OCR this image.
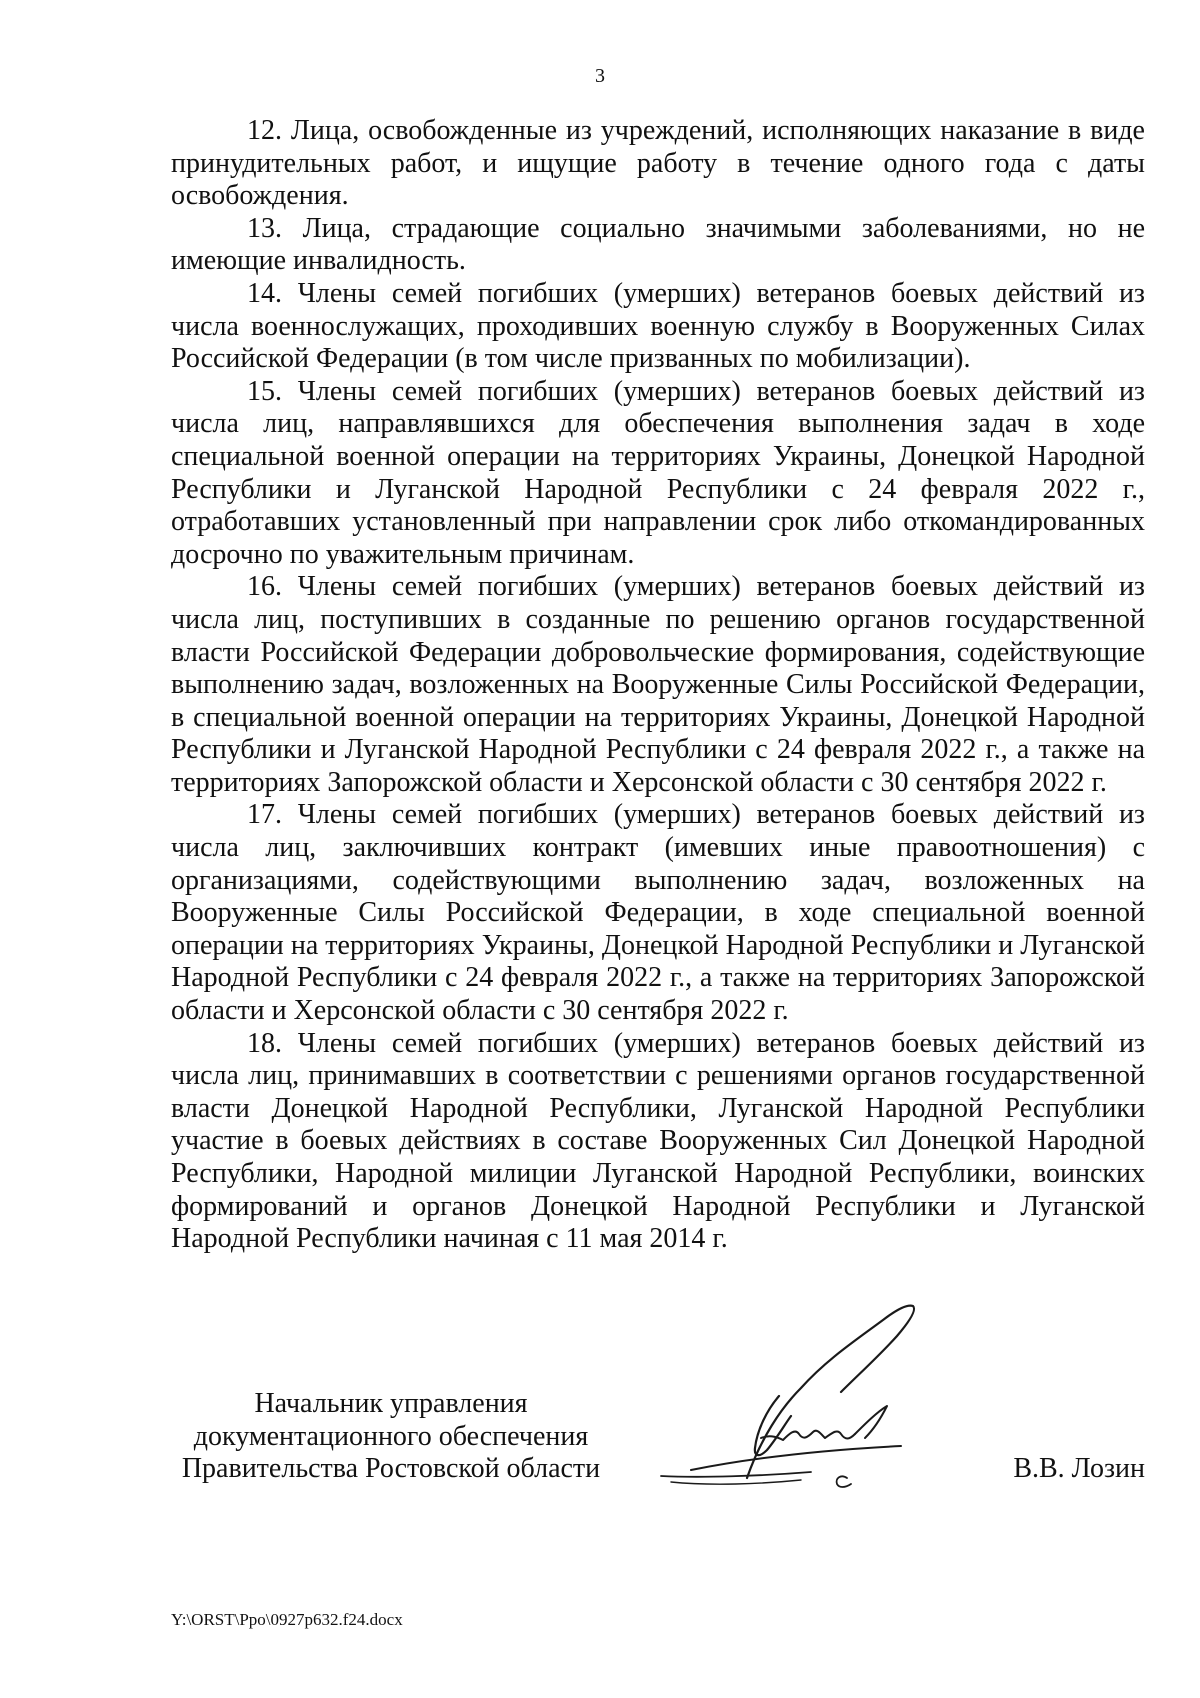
3

12. Лица, освобожденные из учреждений, исполняющих наказание в виде принудительных работ, и ищущие работу в течение одного года с даты освобождения.

13. Лица, страдающие социально значимыми заболеваниями, но не имеющие инвалидность.

14. Члены семей погибших (умерших) ветеранов боевых действий из числа военнослужащих, проходивших военную службу в Вооруженных Силах Российской Федерации (в том числе призванных по мобилизации).

15. Члены семей погибших (умерших) ветеранов боевых действий из числа лиц, направлявшихся для обеспечения выполнения задач в ходе специальной военной операции на территориях Украины, Донецкой Народной Республики и Луганской Народной Республики с 24 февраля 2022 г., отработавших установленный при направлении срок либо откомандированных досрочно по уважительным причинам.

16. Члены семей погибших (умерших) ветеранов боевых действий из числа лиц, поступивших в созданные по решению органов государственной власти Российской Федерации добровольческие формирования, содействующие выполнению задач, возложенных на Вооруженные Силы Российской Федерации, в специальной военной операции на территориях Украины, Донецкой Народной Республики и Луганской Народной Республики с 24 февраля 2022 г., а также на территориях Запорожской области и Херсонской области с 30 сентября 2022 г.

17. Члены семей погибших (умерших) ветеранов боевых действий из числа лиц, заключивших контракт (имевших иные правоотношения) с организациями, содействующими выполнению задач, возложенных на Вооруженные Силы Российской Федерации, в ходе специальной военной операции на территориях Украины, Донецкой Народной Республики и Луганской Народной Республики с 24 февраля 2022 г., а также на территориях Запорожской области и Херсонской области с 30 сентября 2022 г.

18. Члены семей погибших (умерших) ветеранов боевых действий из числа лиц, принимавших в соответствии с решениями органов государственной власти Донецкой Народной Республики, Луганской Народной Республики участие в боевых действиях в составе Вооруженных Сил Донецкой Народной Республики, Народной милиции Луганской Народной Республики, воинских формирований и органов Донецкой Народной Республики и Луганской Народной Республики начиная с 11 мая 2014 г.

Начальник управления
документационного обеспечения
Правительства Ростовской области	В.В. Лозин
Y:\ORST\Ppo\0927p632.f24.docx
